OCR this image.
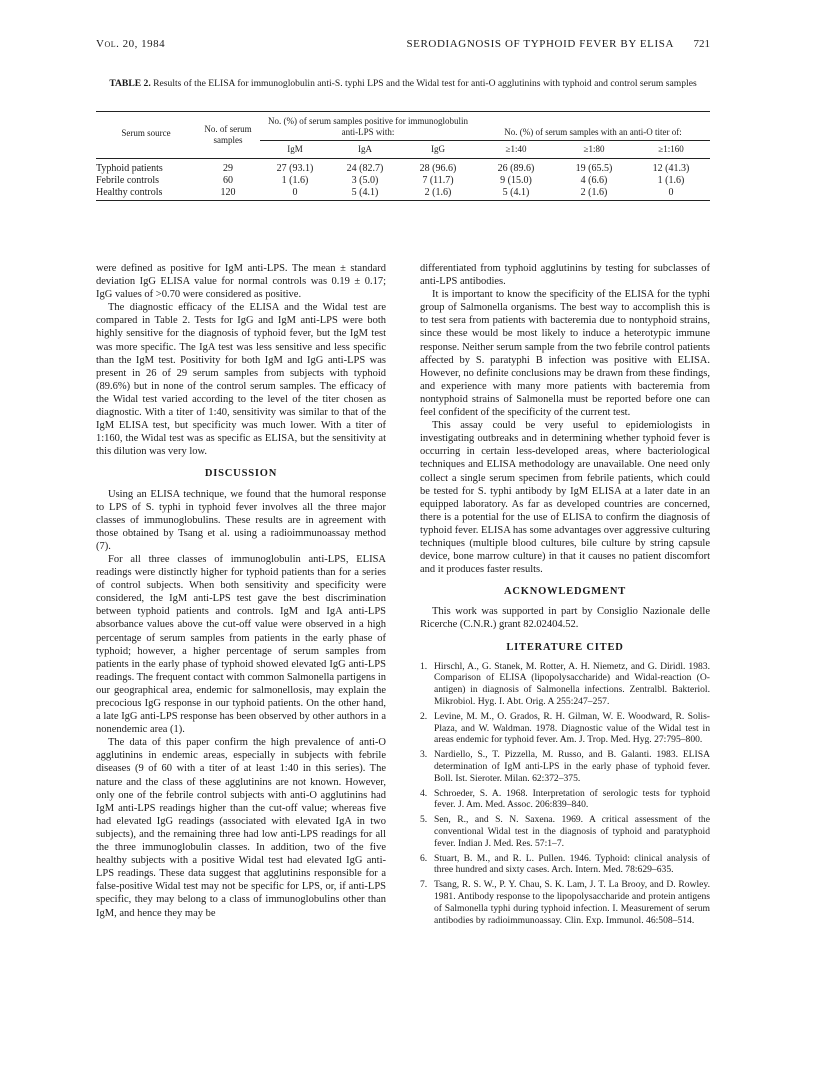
Vol. 20, 1984	SERODIAGNOSIS OF TYPHOID FEVER BY ELISA 721
TABLE 2. Results of the ELISA for immunoglobulin anti-S. typhi LPS and the Widal test for anti-O agglutinins with typhoid and control serum samples
Serum source	No. of serum samples	No. (%) of serum samples positive for immunoglobulin anti-LPS with:			No. (%) of serum samples with an anti-O titer of:		
		IgM	IgA	IgG	≥1:40	≥1:80	≥1:160
Typhoid patients	29	27 (93.1)	24 (82.7)	28 (96.6)	26 (89.6)	19 (65.5)	12 (41.3)
Febrile controls	60	1 (1.6)	3 (5.0)	7 (11.7)	9 (15.0)	4 (6.6)	1 (1.6)
Healthy controls	120	0	5 (4.1)	2 (1.6)	5 (4.1)	2 (1.6)	0

were defined as positive for IgM anti-LPS. The mean ± standard deviation IgG ELISA value for normal controls was 0.19 ± 0.17; IgG values of >0.70 were considered as positive.

The diagnostic efficacy of the ELISA and the Widal test are compared in Table 2. Tests for IgG and IgM anti-LPS were both highly sensitive for the diagnosis of typhoid fever, but the IgM test was more specific. The IgA test was less sensitive and less specific than the IgM test. Positivity for both IgM and IgG anti-LPS was present in 26 of 29 serum samples from subjects with typhoid (89.6%) but in none of the control serum samples. The efficacy of the Widal test varied according to the level of the titer chosen as diagnostic. With a titer of 1:40, sensitivity was similar to that of the IgM ELISA test, but specificity was much lower. With a titer of 1:160, the Widal test was as specific as ELISA, but the sensitivity at this dilution was very low.

DISCUSSION

Using an ELISA technique, we found that the humoral response to LPS of S. typhi in typhoid fever involves all the three major classes of immunoglobulins. These results are in agreement with those obtained by Tsang et al. using a radioimmunoassay method (7).

For all three classes of immunoglobulin anti-LPS, ELISA readings were distinctly higher for typhoid patients than for a series of control subjects. When both sensitivity and specificity were considered, the IgM anti-LPS test gave the best discrimination between typhoid patients and controls. IgM and IgA anti-LPS absorbance values above the cut-off value were observed in a high percentage of serum samples from patients in the early phase of typhoid; however, a higher percentage of serum samples from patients in the early phase of typhoid showed elevated IgG anti-LPS readings. The frequent contact with common Salmonella partigens in our geographical area, endemic for salmonellosis, may explain the precocious IgG response in our typhoid patients. On the other hand, a late IgG anti-LPS response has been observed by other authors in a nonendemic area (1).

The data of this paper confirm the high prevalence of anti-O agglutinins in endemic areas, especially in subjects with febrile diseases (9 of 60 with a titer of at least 1:40 in this series). The nature and the class of these agglutinins are not known. However, only one of the febrile control subjects with anti-O agglutinins had IgM anti-LPS readings higher than the cut-off value; whereas five had elevated IgG readings (associated with elevated IgA in two subjects), and the remaining three had low anti-LPS readings for all the three immunoglobulin classes. In addition, two of the five healthy subjects with a positive Widal test had elevated IgG anti-LPS readings. These data suggest that agglutinins responsible for a false-positive Widal test may not be specific for LPS, or, if anti-LPS specific, they may belong to a class of immunoglobulins other than IgM, and hence they may be

differentiated from typhoid agglutinins by testing for subclasses of anti-LPS antibodies.

It is important to know the specificity of the ELISA for the typhi group of Salmonella organisms. The best way to accomplish this is to test sera from patients with bacteremia due to nontyphoid strains, since these would be most likely to induce a heterotypic immune response. Neither serum sample from the two febrile control patients affected by S. paratyphi B infection was positive with ELISA. However, no definite conclusions may be drawn from these findings, and experience with many more patients with bacteremia from nontyphoid strains of Salmonella must be reported before one can feel confident of the specificity of the current test.

This assay could be very useful to epidemiologists in investigating outbreaks and in determining whether typhoid fever is occurring in certain less-developed areas, where bacteriological techniques and ELISA methodology are unavailable. One need only collect a single serum specimen from febrile patients, which could be tested for S. typhi antibody by IgM ELISA at a later date in an equipped laboratory. As far as developed countries are concerned, there is a potential for the use of ELISA to confirm the diagnosis of typhoid fever. ELISA has some advantages over aggressive culturing techniques (multiple blood cultures, bile culture by string capsule device, bone marrow culture) in that it causes no patient discomfort and it produces faster results.

ACKNOWLEDGMENT

This work was supported in part by Consiglio Nazionale delle Ricerche (C.N.R.) grant 82.02404.52.

LITERATURE CITED
1. Hirschl, A., G. Stanek, M. Rotter, A. H. Niemetz, and G. Diridl. 1983. Comparison of ELISA (lipopolysaccharide) and Widal-reaction (O-antigen) in diagnosis of Salmonella infections. Zentralbl. Bakteriol. Mikrobiol. Hyg. I. Abt. Orig. A 255:247–257.
2. Levine, M. M., O. Grados, R. H. Gilman, W. E. Woodward, R. Solis-Plaza, and W. Waldman. 1978. Diagnostic value of the Widal test in areas endemic for typhoid fever. Am. J. Trop. Med. Hyg. 27:795–800.
3. Nardiello, S., T. Pizzella, M. Russo, and B. Galanti. 1983. ELISA determination of IgM anti-LPS in the early phase of typhoid fever. Boll. Ist. Sieroter. Milan. 62:372–375.
4. Schroeder, S. A. 1968. Interpretation of serologic tests for typhoid fever. J. Am. Med. Assoc. 206:839–840.
5. Sen, R., and S. N. Saxena. 1969. A critical assessment of the conventional Widal test in the diagnosis of typhoid and paratyphoid fever. Indian J. Med. Res. 57:1–7.
6. Stuart, B. M., and R. L. Pullen. 1946. Typhoid: clinical analysis of three hundred and sixty cases. Arch. Intern. Med. 78:629–635.
7. Tsang, R. S. W., P. Y. Chau, S. K. Lam, J. T. La Brooy, and D. Rowley. 1981. Antibody response to the lipopolysaccharide and protein antigens of Salmonella typhi during typhoid infection. I. Measurement of serum antibodies by radioimmunoassay. Clin. Exp. Immunol. 46:508–514.
